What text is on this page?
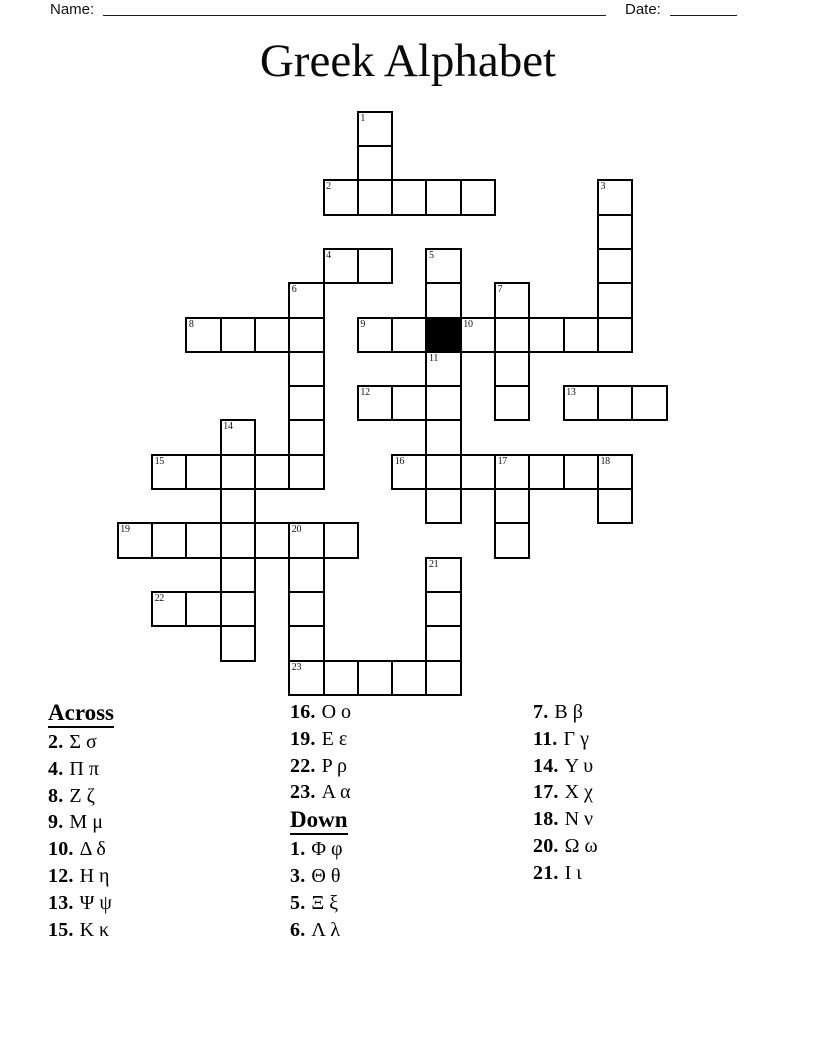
Name:	Date:
Greek Alphabet
1
2	3
4	5
6	7
8	9	10
11
12	13
14
15	16	17	18
19	20
21
22
23
Across
2. Σ σ
4. Π π
8. Z ζ
9. M μ
10. Δ δ
12. H η
13. Ψ ψ
15. K κ
16. O o
19. E ε
22. P ρ
23. A α
Down
1. Φ φ
3. Θ θ
5. Ξ ξ
6. Λ λ
7. B β
11. Γ γ
14. Y υ
17. X χ
18. N ν
20. Ω ω
21. I ι
